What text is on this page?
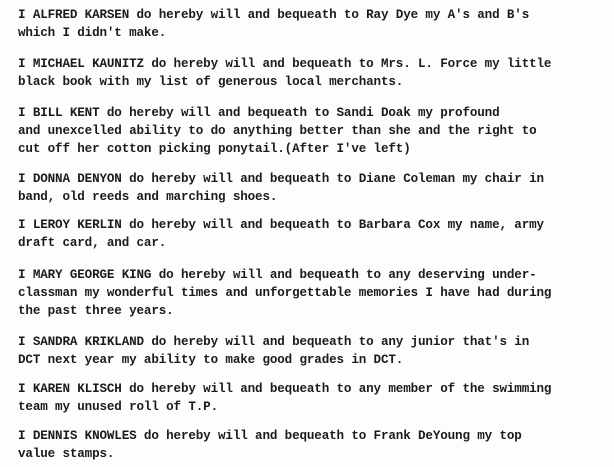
I ALFRED KARSEN do hereby will and bequeath to Ray Dye my A's and B's
which I didn't make.

I MICHAEL KAUNITZ do hereby will and bequeath to Mrs. L. Force my little
black book with my list of generous local merchants.

I BILL KENT do hereby will and bequeath to Sandi Doak my profound
and unexcelled ability to do anything better than she and the right to
cut off her cotton picking ponytail.(After I've left)

I DONNA DENYON do hereby will and bequeath to Diane Coleman my chair in
band, old reeds and marching shoes.

I LEROY KERLIN do hereby will and bequeath to Barbara Cox my name, army
draft card, and car.

I MARY GEORGE KING do hereby will and bequeath to any deserving under-
classman my wonderful times and unforgettable memories I have had during
the past three years.

I SANDRA KRIKLAND do hereby will and bequeath to any junior that's in
DCT next year my ability to make good grades in DCT.

I KAREN KLISCH do hereby will and bequeath to any member of the swimming
team my unused roll of T.P.

I DENNIS KNOWLES do hereby will and bequeath to Frank DeYoung my top
value stamps.
